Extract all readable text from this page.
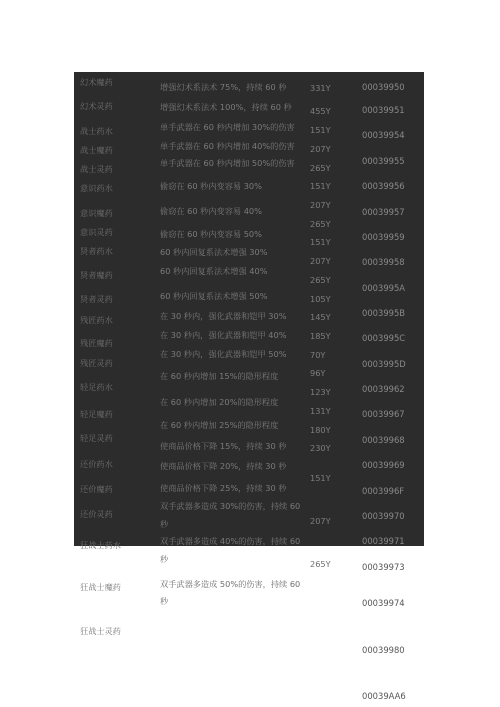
幻术魔药
幻术灵药
战士药水
战士魔药
战士灵药
意识药水
意识魔药
意识灵药
贤者药水
贤者魔药
贤者灵药
残匠药水
残匠魔药
残匠灵药
轻足药水
轻足魔药
轻足灵药
还价药水
还价魔药
还价灵药
狂战士药水
狂战士魔药
狂战士灵药
增强幻术系法术 75%，持续 60 秒
增强幻术系法术 100%，持续 60 秒
单手武器在 60 秒内增加 30%的伤害
单手武器在 60 秒内增加 40%的伤害
单手武器在 60 秒内增加 50%的伤害
偷窃在 60 秒内变容易 30%
偷窃在 60 秒内变容易 40%
偷窃在 60 秒内变容易 50%
60 秒内回复系法术增强 30%
60 秒内回复系法术增强 40%
60 秒内回复系法术增强 50%
在 30 秒内，强化武器和铠甲 30%
在 30 秒内，强化武器和铠甲 40%
在 30 秒内，强化武器和铠甲 50%
在 60 秒内增加 15%的隐形程度
在 60 秒内增加 20%的隐形程度
在 60 秒内增加 25%的隐形程度
使商品价格下降 15%，持续 30 秒
使商品价格下降 20%，持续 30 秒
使商品价格下降 25%，持续 30 秒
双手武器多造成 30%的伤害，持续 60
秒
双手武器多造成 40%的伤害，持续 60
秒
双手武器多造成 50%的伤害，持续 60
秒
331Y
455Y
151Y
207Y
265Y
151Y
207Y
265Y
151Y
207Y
265Y
105Y
145Y
185Y
70Y
96Y
123Y
131Y
180Y
230Y
151Y
207Y
265Y
00039950
00039951
00039954
00039955
00039956
00039957
00039959
00039958
0003995A
0003995B
0003995C
0003995D
00039962
00039967
00039968
00039969
0003996F
00039970
00039971
00039973
00039974
00039980
00039AA6
